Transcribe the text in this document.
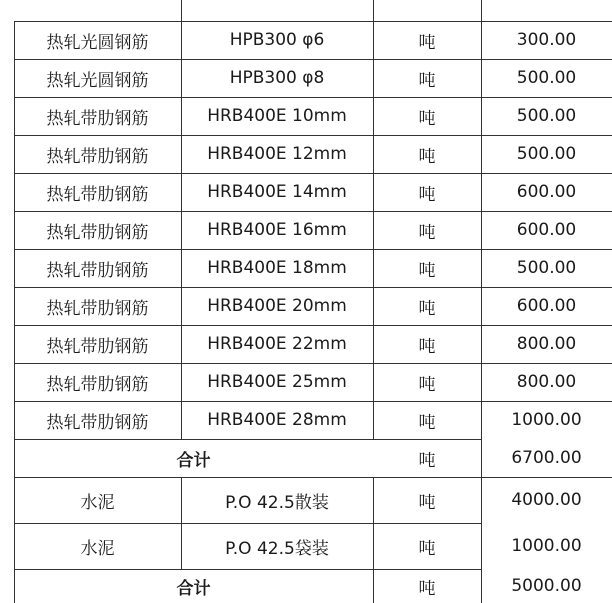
热轧光圆钢筋	HPB300 φ6	吨	300.00
热轧光圆钢筋	HPB300 φ8	吨	500.00
热轧带肋钢筋	HRB400E 10mm	吨	500.00
热轧带肋钢筋	HRB400E 12mm	吨	500.00
热轧带肋钢筋	HRB400E 14mm	吨	600.00
热轧带肋钢筋	HRB400E 16mm	吨	600.00
热轧带肋钢筋	HRB400E 18mm	吨	500.00
热轧带肋钢筋	HRB400E 20mm	吨	600.00
热轧带肋钢筋	HRB400E 22mm	吨	800.00
热轧带肋钢筋	HRB400E 25mm	吨	800.00
热轧带肋钢筋	HRB400E 28mm	吨	1000.00
合计	吨	6700.00
水泥	P.O 42.5散装	吨	4000.00
水泥	P.O 42.5袋装	吨	1000.00
合计	吨	5000.00
